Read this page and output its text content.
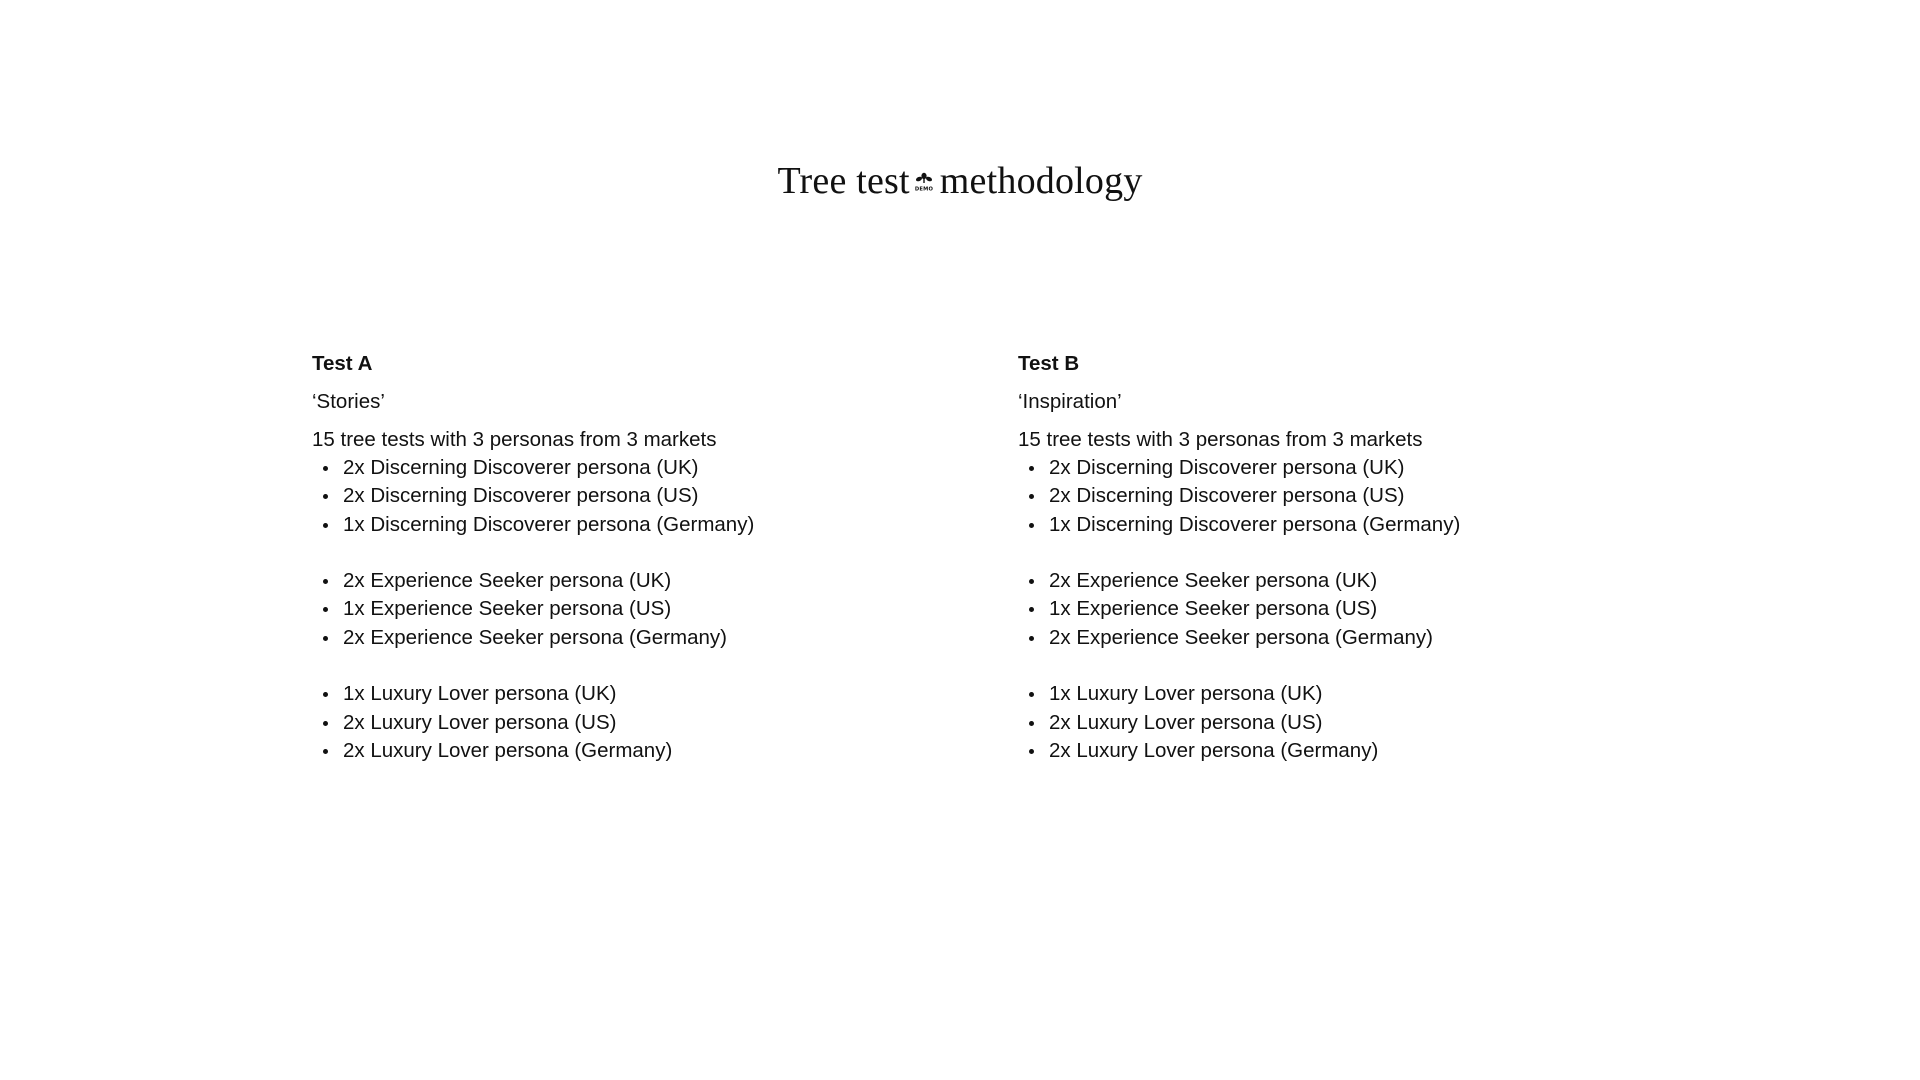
Tree test DEMO methodology
Test A
‘Stories’
15 tree tests with 3 personas from 3 markets
2x Discerning Discoverer persona (UK)
2x Discerning Discoverer persona (US)
1x Discerning Discoverer persona (Germany)
2x Experience Seeker persona (UK)
1x Experience Seeker persona (US)
2x Experience Seeker persona (Germany)
1x Luxury Lover persona (UK)
2x Luxury Lover persona (US)
2x Luxury Lover persona (Germany)
Test B
‘Inspiration’
15 tree tests with 3 personas from 3 markets
2x Discerning Discoverer persona (UK)
2x Discerning Discoverer persona (US)
1x Discerning Discoverer persona (Germany)
2x Experience Seeker persona (UK)
1x Experience Seeker persona (US)
2x Experience Seeker persona (Germany)
1x Luxury Lover persona (UK)
2x Luxury Lover persona (US)
2x Luxury Lover persona (Germany)
